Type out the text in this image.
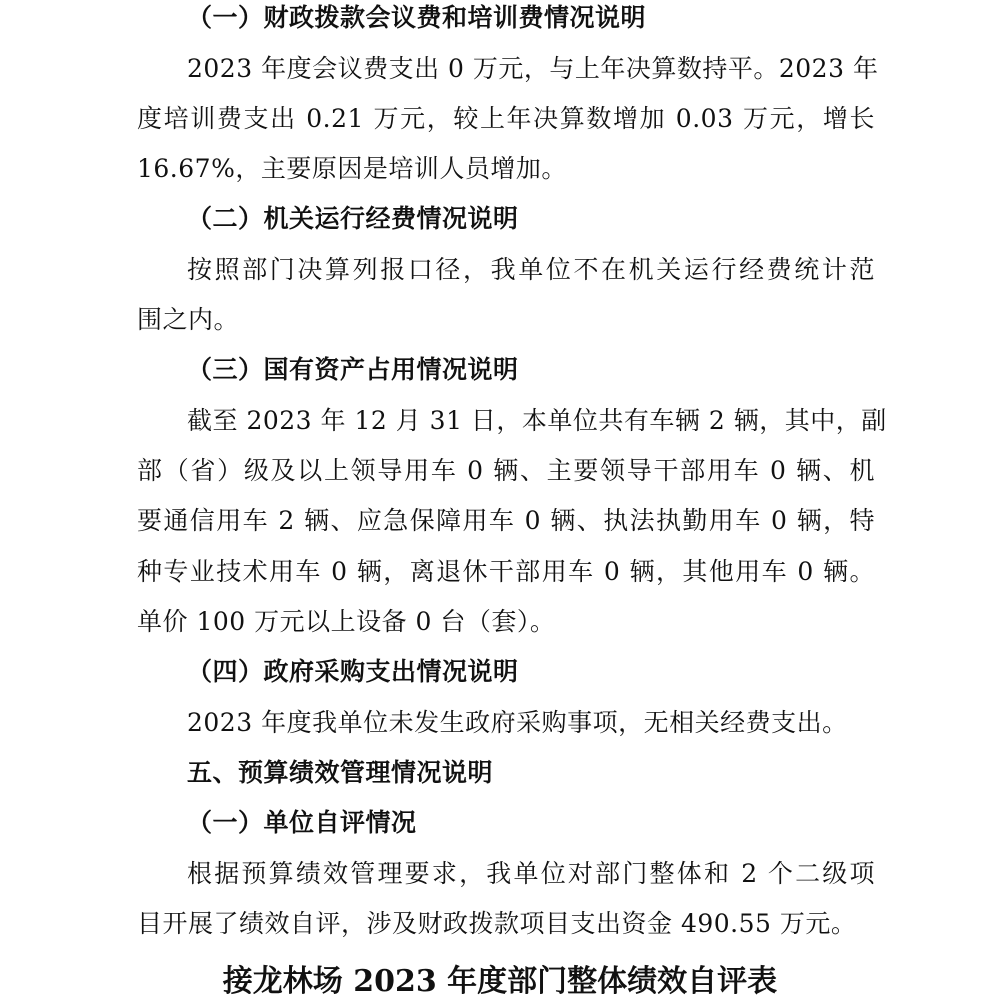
（一）财政拨款会议费和培训费情况说明
2023 年度会议费支出 0 万元，与上年决算数持平。2023 年
度培训费支出 0.21 万元，较上年决算数增加 0.03 万元，增长
16.67%，主要原因是培训人员增加。
（二）机关运行经费情况说明
按照部门决算列报口径，我单位不在机关运行经费统计范
围之内。
（三）国有资产占用情况说明
截至 2023 年 12 月 31 日，本单位共有车辆 2 辆，其中，副
部（省）级及以上领导用车 0 辆、主要领导干部用车 0 辆、机
要通信用车 2 辆、应急保障用车 0 辆、执法执勤用车 0 辆，特
种专业技术用车 0 辆，离退休干部用车 0 辆，其他用车 0 辆。
单价 100 万元以上设备 0 台（套）。
（四）政府采购支出情况说明
2023 年度我单位未发生政府采购事项，无相关经费支出。
五、预算绩效管理情况说明
（一）单位自评情况
根据预算绩效管理要求，我单位对部门整体和 2 个二级项
目开展了绩效自评，涉及财政拨款项目支出资金 490.55 万元。
接龙林场 2023 年度部门整体绩效自评表
